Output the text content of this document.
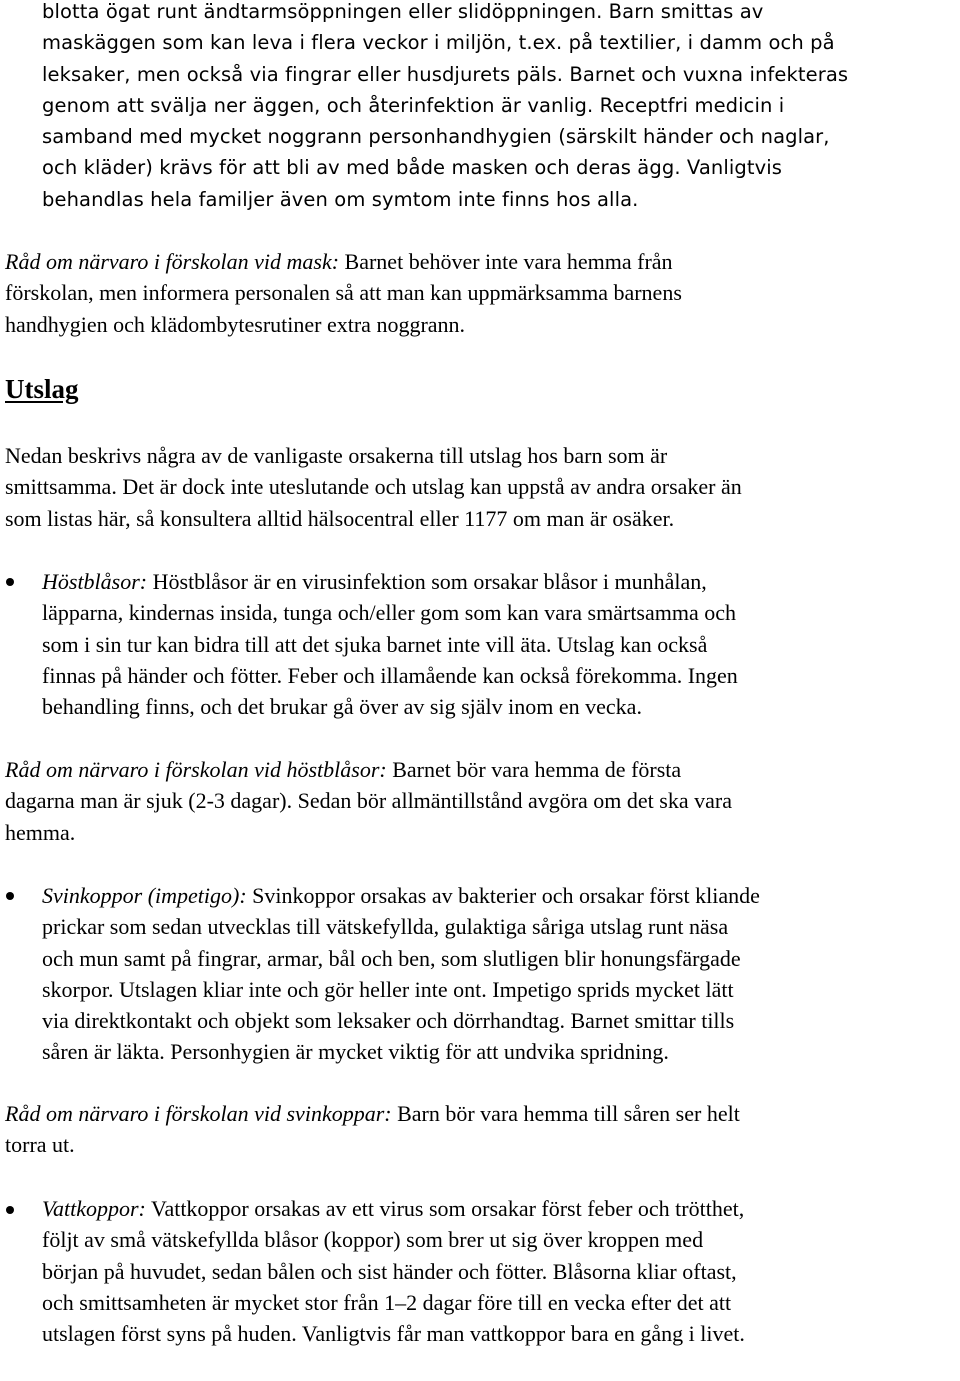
blotta ögat runt ändtarmsöppningen eller slidöppningen. Barn smittas av
maskäggen som kan leva i flera veckor i miljön, t.ex. på textilier, i damm och på
leksaker, men också via fingrar eller husdjurets päls. Barnet och vuxna infekteras
genom att svälja ner äggen, och återinfektion är vanlig. Receptfri medicin i
samband med mycket noggrann personhandhygien (särskilt händer och naglar,
och kläder) krävs för att bli av med både masken och deras ägg. Vanligtvis
behandlas hela familjer även om symtom inte finns hos alla.
Råd om närvaro i förskolan vid mask: Barnet behöver inte vara hemma från
förskolan, men informera personalen så att man kan uppmärksamma barnens
handhygien och klädombytesrutiner extra noggrann.
Utslag
Nedan beskrivs några av de vanligaste orsakerna till utslag hos barn som är
smittsamma. Det är dock inte uteslutande och utslag kan uppstå av andra orsaker än
som listas här, så konsultera alltid hälsocentral eller 1177 om man är osäker.
Höstblåsor: Höstblåsor är en virusinfektion som orsakar blåsor i munhålan,
läpparna, kindernas insida, tunga och/eller gom som kan vara smärtsamma och
som i sin tur kan bidra till att det sjuka barnet inte vill äta. Utslag kan också
finnas på händer och fötter. Feber och illamående kan också förekomma. Ingen
behandling finns, och det brukar gå över av sig själv inom en vecka.
Råd om närvaro i förskolan vid höstblåsor: Barnet bör vara hemma de första
dagarna man är sjuk (2-3 dagar). Sedan bör allmäntillstånd avgöra om det ska vara
hemma.
Svinkoppor (impetigo): Svinkoppor orsakas av bakterier och orsakar först kliande
prickar som sedan utvecklas till vätskefyllda, gulaktiga såriga utslag runt näsa
och mun samt på fingrar, armar, bål och ben, som slutligen blir honungsfärgade
skorpor. Utslagen kliar inte och gör heller inte ont. Impetigo sprids mycket lätt
via direktkontakt och objekt som leksaker och dörrhandtag. Barnet smittar tills
såren är läkta. Personhygien är mycket viktig för att undvika spridning.
Råd om närvaro i förskolan vid svinkoppar: Barn bör vara hemma till såren ser helt
torra ut.
Vattkoppor: Vattkoppor orsakas av ett virus som orsakar först feber och trötthet,
följt av små vätskefyllda blåsor (koppor) som brer ut sig över kroppen med
början på huvudet, sedan bålen och sist händer och fötter. Blåsorna kliar oftast,
och smittsamheten är mycket stor från 1–2 dagar före till en vecka efter det att
utslagen först syns på huden. Vanligtvis får man vattkoppor bara en gång i livet.
